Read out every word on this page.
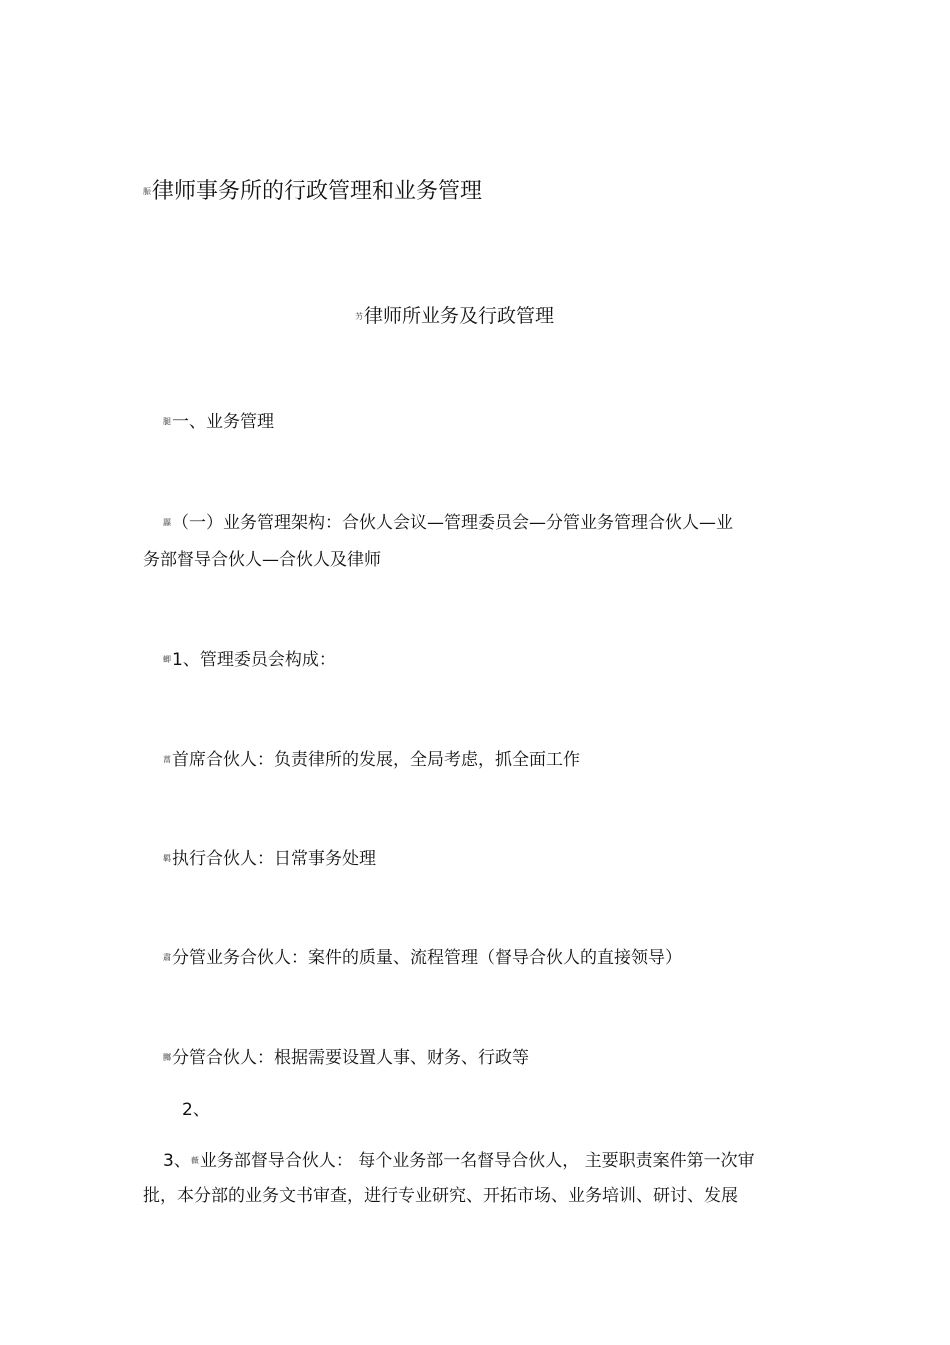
脤律师事务所的行政管理和业务管理
艻律师所业务及行政管理
腿一、业务管理
蠠（一）业务管理架构：合伙人会议—管理委员会—分管业务管理合伙人—业
务部督导合伙人—合伙人及律师
蝍1、管理委员会构成：
蒚首席合伙人：负责律所的发展，全局考虑，抓全面工作
羁执行合伙人：日常事务处理
肅分管业务合伙人：案件的质量、流程管理（督导合伙人的直接领导）
膷分管合伙人：根据需要设置人事、财务、行政等
2、
3、薇业务部督导合伙人： 每个业务部一名督导合伙人， 主要职责案件第一次审
批，本分部的业务文书审查，进行专业研究、开拓市场、业务培训、研讨、发展
